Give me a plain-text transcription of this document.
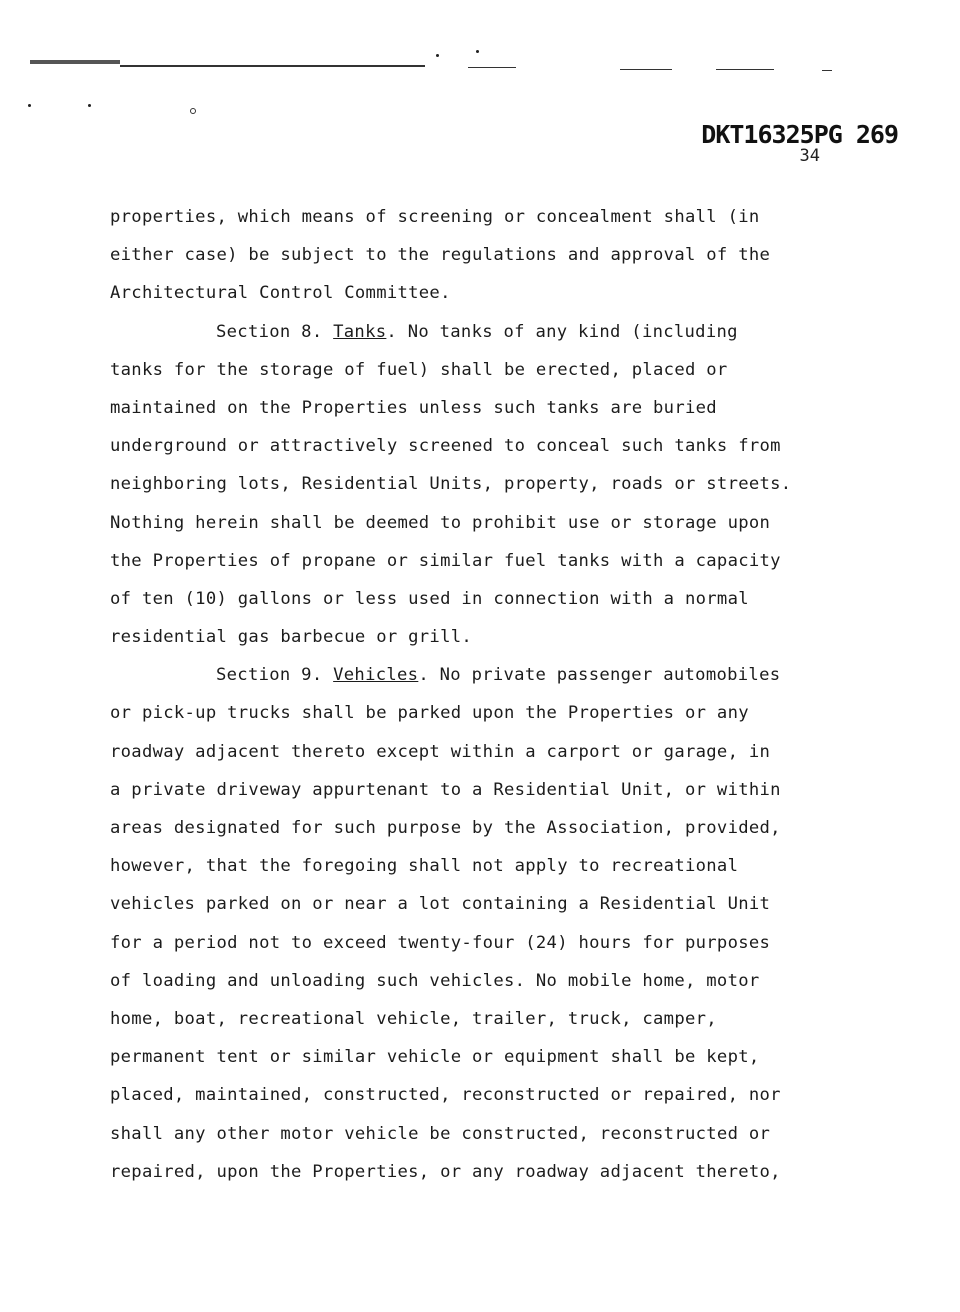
DKT16325PG 269
34
properties, which means of screening or concealment shall (in
either case) be subject to the regulations and approval of the
Architectural Control Committee.
Section 8. Tanks. No tanks of any kind (including
tanks for the storage of fuel) shall be erected, placed or
maintained on the Properties unless such tanks are buried
underground or attractively screened to conceal such tanks from
neighboring lots, Residential Units, property, roads or streets.
Nothing herein shall be deemed to prohibit use or storage upon
the Properties of propane or similar fuel tanks with a capacity
of ten (10) gallons or less used in connection with a normal
residential gas barbecue or grill.
Section 9. Vehicles. No private passenger automobiles
or pick-up trucks shall be parked upon the Properties or any
roadway adjacent thereto except within a carport or garage, in
a private driveway appurtenant to a Residential Unit, or within
areas designated for such purpose by the Association, provided,
however, that the foregoing shall not apply to recreational
vehicles parked on or near a lot containing a Residential Unit
for a period not to exceed twenty-four (24) hours for purposes
of loading and unloading such vehicles. No mobile home, motor
home, boat, recreational vehicle, trailer, truck, camper,
permanent tent or similar vehicle or equipment shall be kept,
placed, maintained, constructed, reconstructed or repaired, nor
shall any other motor vehicle be constructed, reconstructed or
repaired, upon the Properties, or any roadway adjacent thereto,
